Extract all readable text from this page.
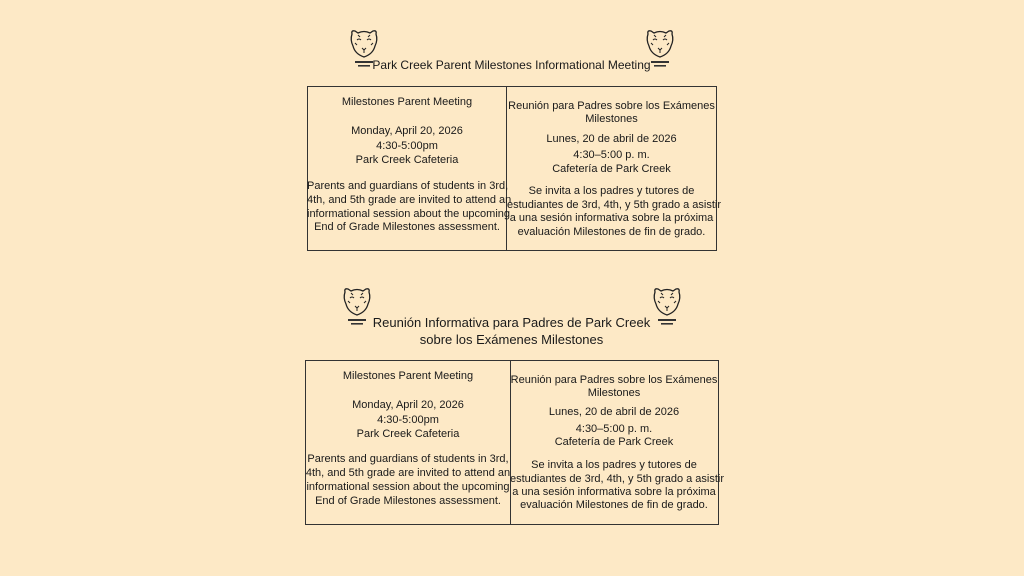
Park Creek Parent Milestones Informational Meeting
Milestones Parent Meeting
Monday, April 20, 2026
4:30-5:00pm
Park Creek Cafeteria
Parents and guardians of students in 3rd,
4th, and 5th grade are invited to attend an
informational session about the upcoming
End of Grade Milestones assessment.
Reunión para Padres sobre los Exámenes
Milestones
Lunes, 20 de abril de 2026
4:30–5:00 p. m.
Cafetería de Park Creek
Se invita a los padres y tutores de
estudiantes de 3rd, 4th, y 5th grado a asistir
a una sesión informativa sobre la próxima
evaluación Milestones de fin de grado.
Reunión Informativa para Padres de Park Creek
sobre los Exámenes Milestones
Milestones Parent Meeting
Monday, April 20, 2026
4:30-5:00pm
Park Creek Cafeteria
Parents and guardians of students in 3rd,
4th, and 5th grade are invited to attend an
informational session about the upcoming
End of Grade Milestones assessment.
Reunión para Padres sobre los Exámenes
Milestones
Lunes, 20 de abril de 2026
4:30–5:00 p. m.
Cafetería de Park Creek
Se invita a los padres y tutores de
estudiantes de 3rd, 4th, y 5th grado a asistir
a una sesión informativa sobre la próxima
evaluación Milestones de fin de grado.
